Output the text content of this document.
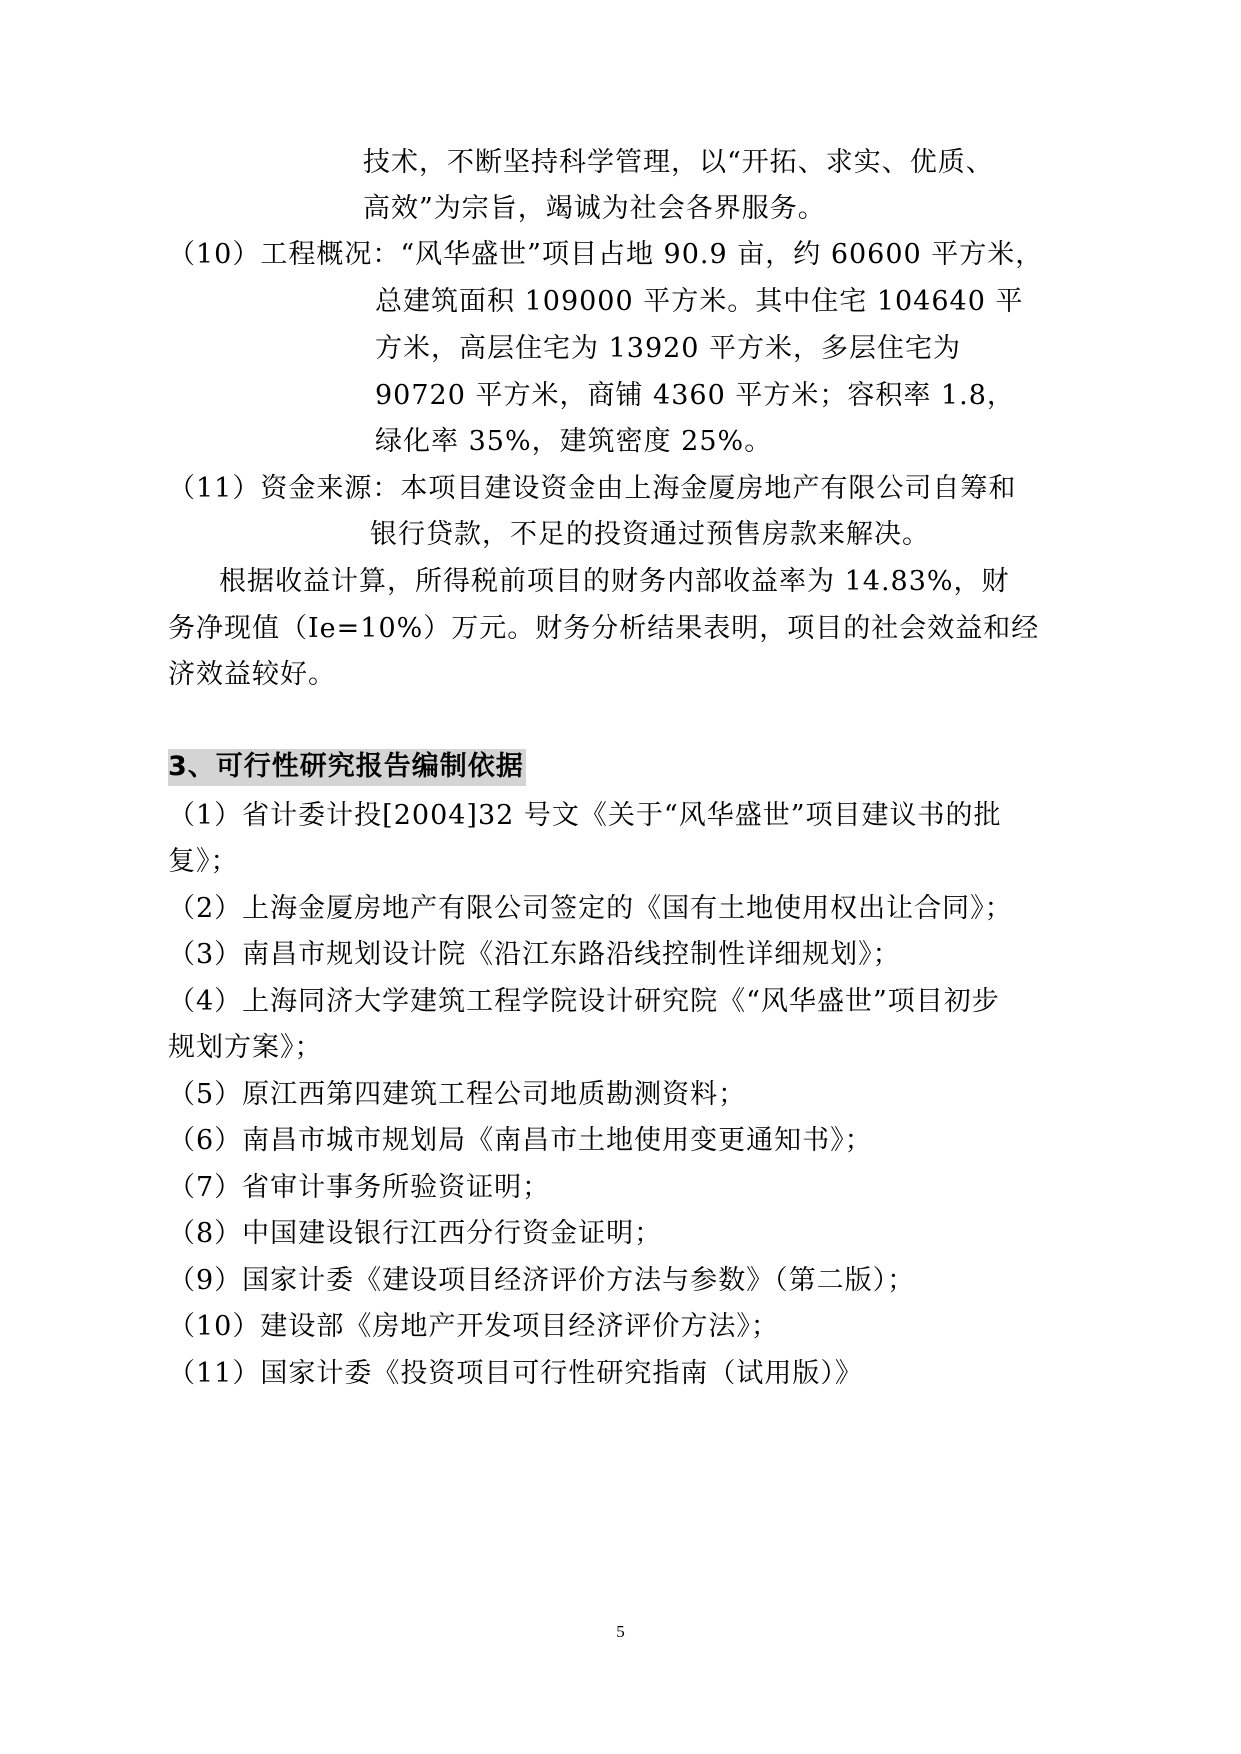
技术，不断坚持科学管理，以“开拓、求实、优质、
高效”为宗旨，竭诚为社会各界服务。
（10）工程概况：“风华盛世”项目占地 90.9 亩，约 60600 平方米，
总建筑面积 109000 平方米。其中住宅 104640 平
方米，高层住宅为 13920 平方米，多层住宅为
90720 平方米，商铺 4360 平方米；容积率 1.8，
绿化率 35%，建筑密度 25%。
（11）资金来源：本项目建设资金由上海金厦房地产有限公司自筹和
银行贷款，不足的投资通过预售房款来解决。
根据收益计算，所得税前项目的财务内部收益率为 14.83%，财
务净现值（Ie=10%）万元。财务分析结果表明，项目的社会效益和经
济效益较好。
3、可行性研究报告编制依据
（1）省计委计投[2004]32 号文《关于“风华盛世”项目建议书的批
复》；
（2）上海金厦房地产有限公司签定的《国有土地使用权出让合同》；
（3）南昌市规划设计院《沿江东路沿线控制性详细规划》；
（4）上海同济大学建筑工程学院设计研究院《“风华盛世”项目初步
规划方案》；
（5）原江西第四建筑工程公司地质勘测资料；
（6）南昌市城市规划局《南昌市土地使用变更通知书》；
（7）省审计事务所验资证明；
（8）中国建设银行江西分行资金证明；
（9）国家计委《建设项目经济评价方法与参数》（第二版）；
（10）建设部《房地产开发项目经济评价方法》；
（11）国家计委《投资项目可行性研究指南（试用版）》
5
